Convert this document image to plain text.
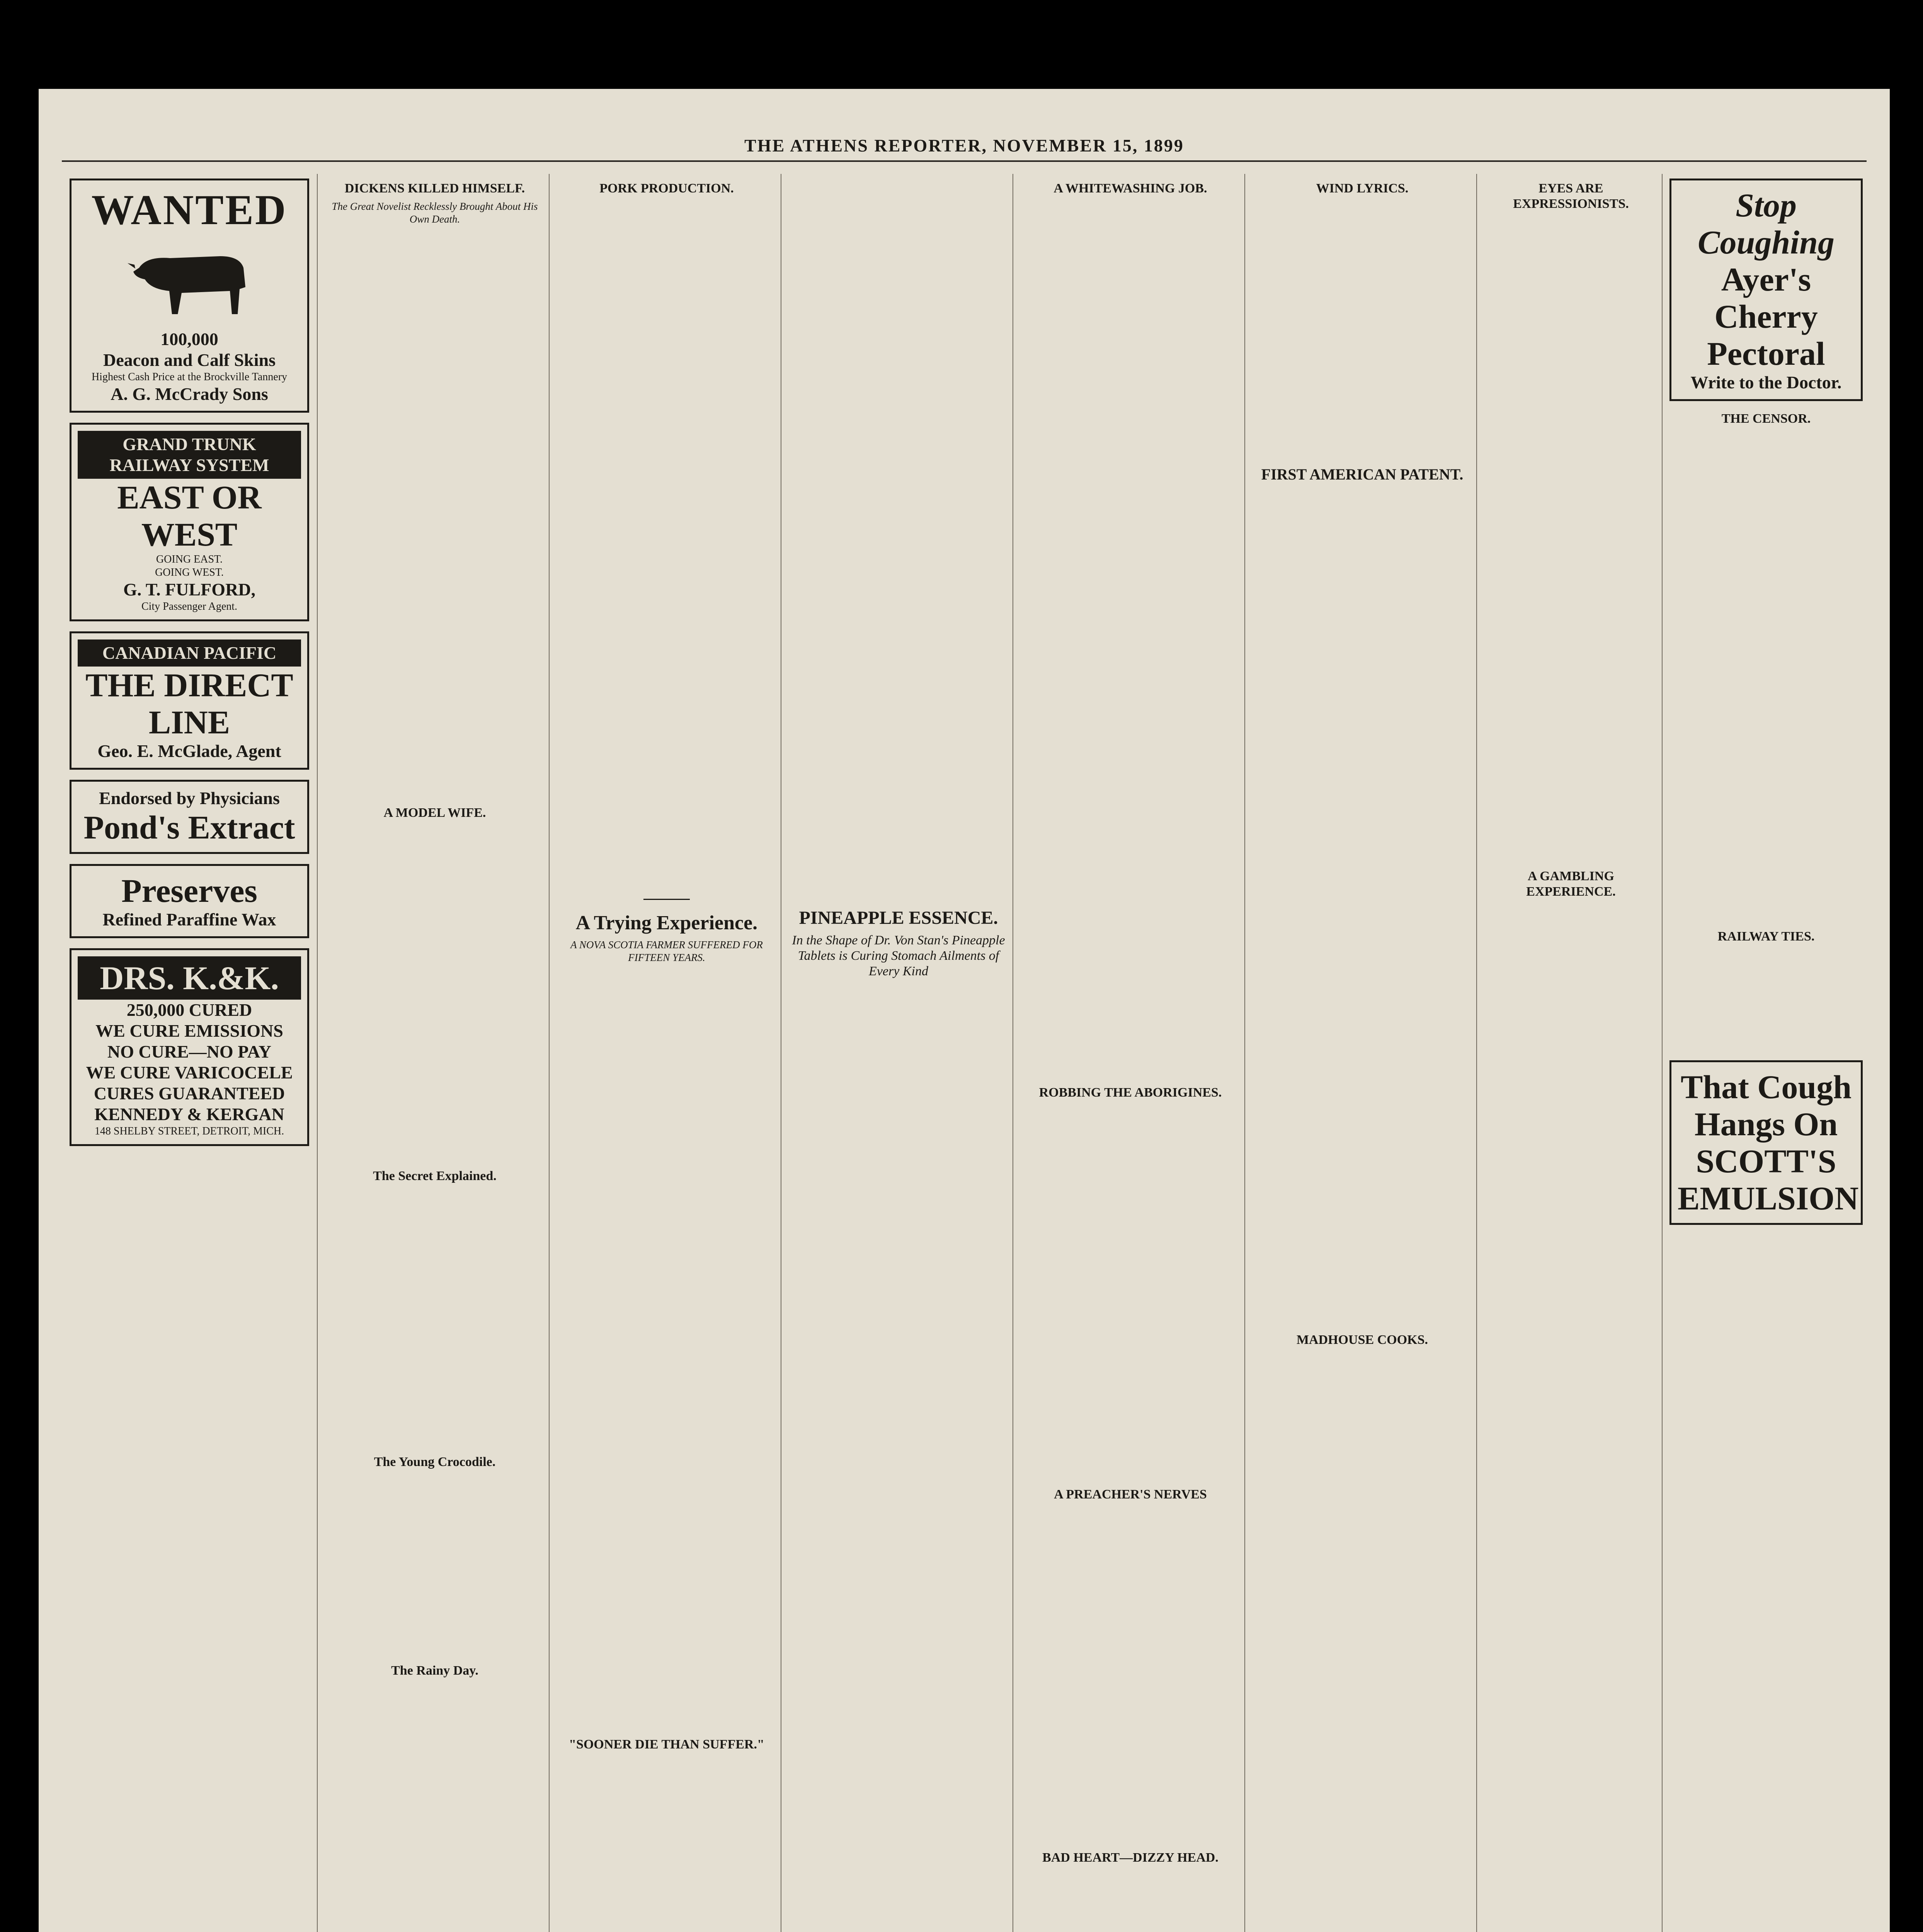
THE ATHENS REPORTER, NOVEMBER 15, 1899
WANTED
100,000
Deacon and Calf Skins
Highest Cash Price at the Brockville Tannery
A. G. McCrady Sons
GRAND TRUNK RAILWAY SYSTEM
EAST OR WEST
GOING EAST.
GOING WEST.
G. T. FULFORD,
City Passenger Agent.
CANADIAN PACIFIC
THE DIRECT LINE
Geo. E. McGlade, Agent
Endorsed by Physicians
Pond's Extract
Preserves
Refined Paraffine Wax
DRS. K.&K.
250,000 CURED
WE CURE EMISSIONS
NO CURE—NO PAY
WE CURE VARICOCELE
CURES GUARANTEED
KENNEDY & KERGAN
148 SHELBY STREET, DETROIT, MICH.
DICKENS KILLED HIMSELF.
The Great Novelist Recklessly Brought About His Own Death.
A MODEL WIFE.
The Secret Explained.
The Young Crocodile.
The Rainy Day.
PORK PRODUCTION.
A Trying Experience.
A NOVA SCOTIA FARMER SUFFERED FOR FIFTEEN YEARS.
"SOONER DIE THAN SUFFER."
PINEAPPLE ESSENCE.
In the Shape of Dr. Von Stan's Pineapple Tablets is Curing Stomach Ailments of Every Kind
A WHITEWASHING JOB.
ROBBING THE ABORIGINES.
A PREACHER'S NERVES
BAD HEART—DIZZY HEAD.
WIND LYRICS.
FIRST AMERICAN PATENT.
MADHOUSE COOKS.
EYES ARE EXPRESSIONISTS.
A GAMBLING EXPERIENCE.
Stop Coughing
Ayer's Cherry Pectoral
Write to the Doctor.
THE CENSOR.
RAILWAY TIES.
That Cough Hangs On
SCOTT'S EMULSION
